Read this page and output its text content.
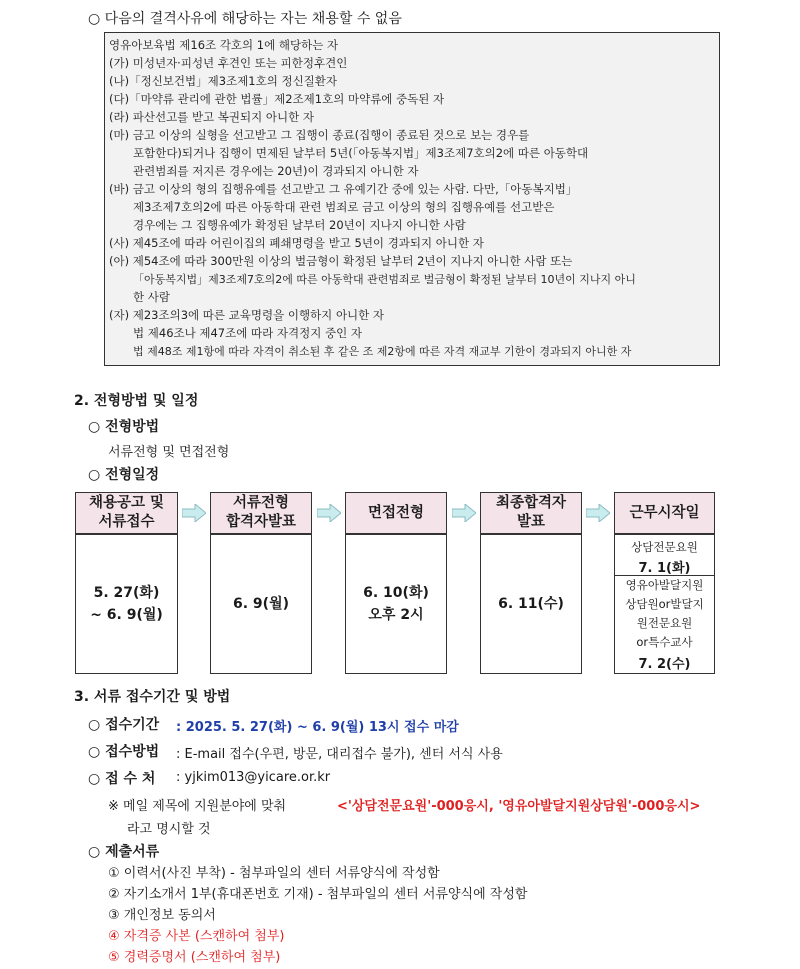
○ 다음의 결격사유에 해당하는 자는 채용할 수 없음
영유아보육법 제16조 각호의 1에 해당하는 자
(가) 미성년자·피성년 후견인 또는 피한정후견인
(나)「정신보건법」제3조제1호의 정신질환자
(다)「마약류 관리에 관한 법률」제2조제1호의 마약류에 중독된 자
(라) 파산선고를 받고 복권되지 아니한 자
(마) 금고 이상의 실형을 선고받고 그 집행이 종료(집행이 종료된 것으로 보는 경우를
포함한다)되거나 집행이 면제된 날부터 5년(「아동복지법」제3조제7호의2에 따른 아동학대
관련범죄를 저지른 경우에는 20년)이 경과되지 아니한 자
(바) 금고 이상의 형의 집행유예를 선고받고 그 유예기간 중에 있는 사람. 다만,「아동복지법」
제3조제7호의2에 따른 아동학대 관련 범죄로 금고 이상의 형의 집행유예를 선고받은
경우에는 그 집행유예가 확정된 날부터 20년이 지나지 아니한 사람
(사) 제45조에 따라 어린이집의 폐쇄명령을 받고 5년이 경과되지 아니한 자
(아) 제54조에 따라 300만원 이상의 벌금형이 확정된 날부터 2년이 지나지 아니한 사람 또는
「아동복지법」제3조제7호의2에 따른 아동학대 관련범죄로 벌금형이 확정된 날부터 10년이 지나지 아니
한 사람
(자) 제23조의3에 따른 교육명령을 이행하지 아니한 자
법 제46조나 제47조에 따라 자격정지 중인 자
법 제48조 제1항에 따라 자격이 취소된 후 같은 조 제2항에 따른 자격 재교부 기한이 경과되지 아니한 자
2. 전형방법 및 일정
○ 전형방법
서류전형 및 면접전형
○ 전형일정
채용공고 및
서류접수
서류전형
합격자발표
면접전형
최종합격자
발표
근무시작일
5. 27(화)
~ 6. 9(월)
6. 9(월)
6. 10(화)
오후 2시
6. 11(수)
상담전문요원
7. 1(화)
영유아발달지원
상담원or발달지
원전문요원
or특수교사
7. 2(수)
3. 서류 접수기간 및 방법
○ 접수기간 : 2025. 5. 27(화) ~ 6. 9(월) 13시 접수 마감
○ 접수방법 : E-mail 접수(우편, 방문, 대리접수 불가), 센터 서식 사용
○ 접 수 처 : yjkim013@yicare.or.kr
※ 메일 제목에 지원분야에 맞춰	<'상담전문요원'-000응시, '영유아발달지원상담원'-000응시>
라고 명시할 것
○ 제출서류
① 이력서(사진 부착) - 첨부파일의 센터 서류양식에 작성함
② 자기소개서 1부(휴대폰번호 기재) - 첨부파일의 센터 서류양식에 작성함
③ 개인정보 동의서
④ 자격증 사본 (스캔하여 첨부)
⑤ 경력증명서 (스캔하여 첨부)
